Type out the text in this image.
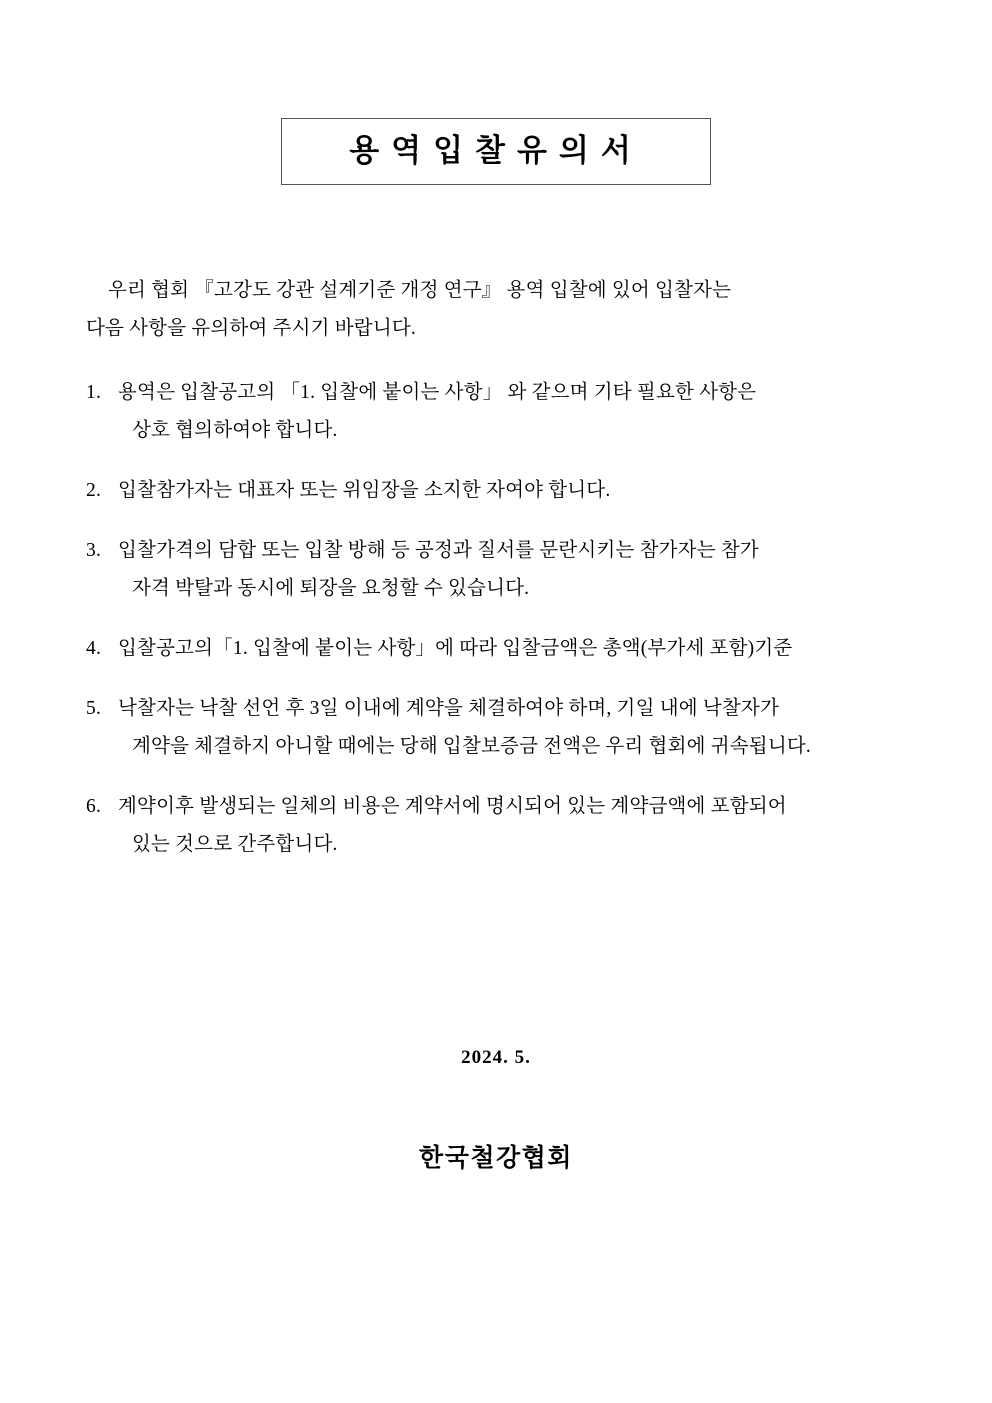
용역입찰유의서

우리 협회 『고강도 강관 설계기준 개정 연구』 용역 입찰에 있어 입찰자는
다음 사항을 유의하여 주시기 바랍니다.

1. 용역은 입찰공고의 「1. 입찰에 붙이는 사항」 와 같으며 기타 필요한 사항은
상호 협의하여야 합니다.
2. 입찰참가자는 대표자 또는 위임장을 소지한 자여야 합니다.
3. 입찰가격의 담합 또는 입찰 방해 등 공정과 질서를 문란시키는 참가자는 참가
자격 박탈과 동시에 퇴장을 요청할 수 있습니다.
4. 입찰공고의「1. 입찰에 붙이는 사항」에 따라 입찰금액은 총액(부가세 포함)기준
5. 낙찰자는 낙찰 선언 후 3일 이내에 계약을 체결하여야 하며, 기일 내에 낙찰자가
계약을 체결하지 아니할 때에는 당해 입찰보증금 전액은 우리 협회에 귀속됩니다.
6. 계약이후 발생되는 일체의 비용은 계약서에 명시되어 있는 계약금액에 포함되어
있는 것으로 간주합니다.
2024. 5.
한국철강협회
